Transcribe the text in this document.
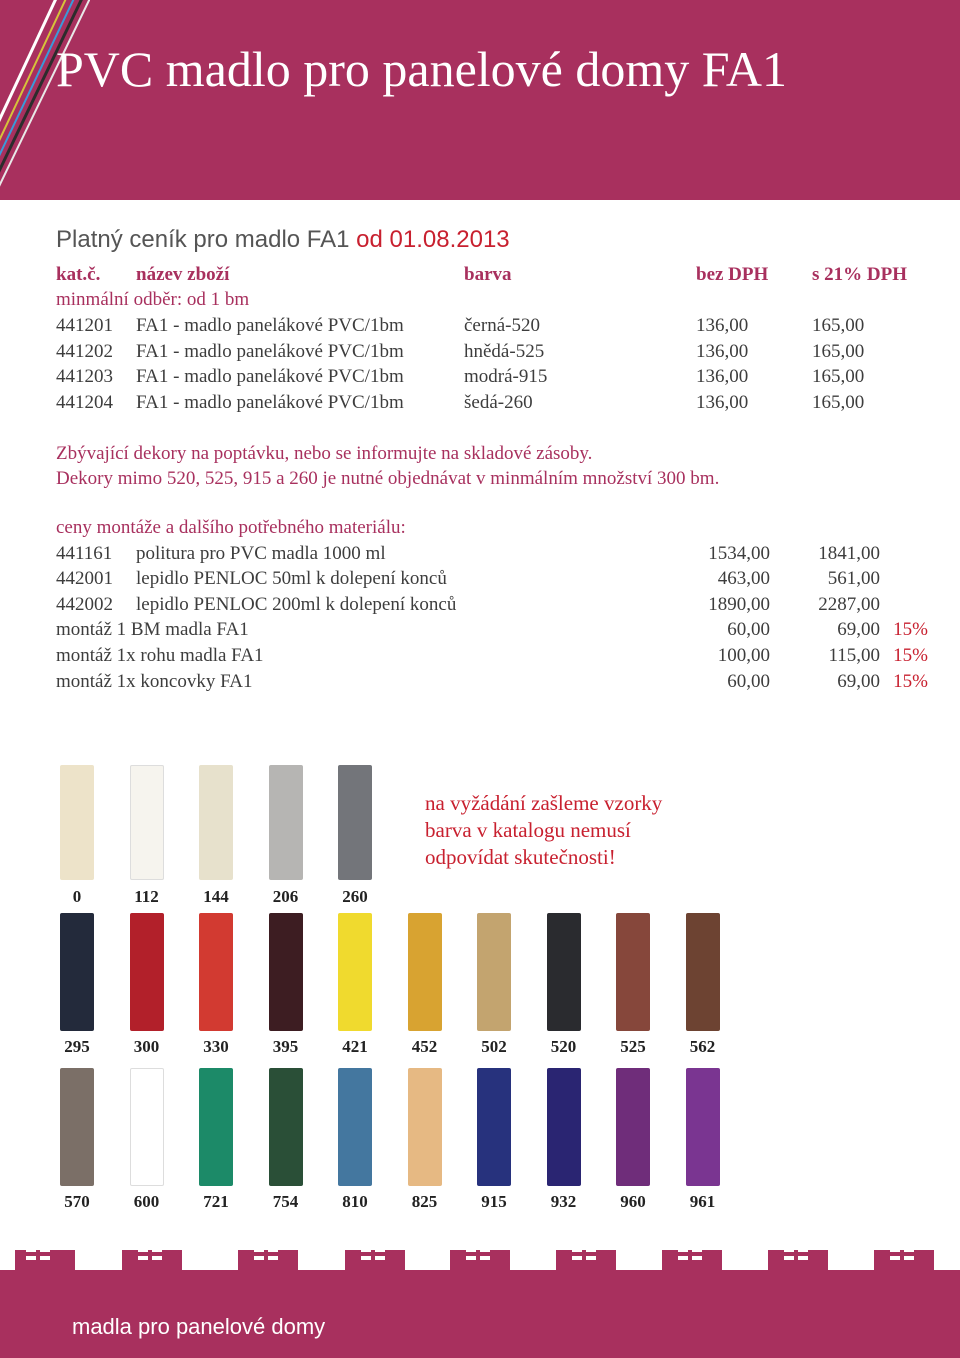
PVC madlo pro panelové domy FA1
Platný ceník pro madlo FA1 od 01.08.2013
kat.č. název zboží	barva	bez DPH s 21% DPH
minmální odběr: od 1 bm
441201 FA1 - madlo panelákové PVC/1bm	černá-520	136,00	165,00
441202 FA1 - madlo panelákové PVC/1bm	hnědá-525	136,00	165,00
441203 FA1 - madlo panelákové PVC/1bm	modrá-915	136,00	165,00
441204 FA1 - madlo panelákové PVC/1bm	šedá-260	136,00	165,00
Zbývající dekory na poptávku, nebo se informujte na skladové zásoby.
Dekory mimo 520, 525, 915 a 260 je nutné objednávat v minmálním množství 300 bm.
ceny montáže a dalšího potřebného materiálu:
441161 politura pro PVC madla 1000 ml	1534,00	1841,00
442001 lepidlo PENLOC 50ml k dolepení konců	463,00	561,00
442002 lepidlo PENLOC 200ml k dolepení konců	1890,00	2287,00
montáž 1 BM madla FA1	60,00	69,00 15%
montáž 1x rohu madla FA1	100,00	115,00 15%
montáž 1x koncovky FA1	60,00	69,00 15%
na vyžádání zašleme vzorky
barva v katalogu nemusí
odpovídat skutečnosti!
0	112	144	206	260
295	300	330	395	421	452	502	520	525	562
570	600	721	754	810	825	915	932	960	961
madla pro panelové domy
